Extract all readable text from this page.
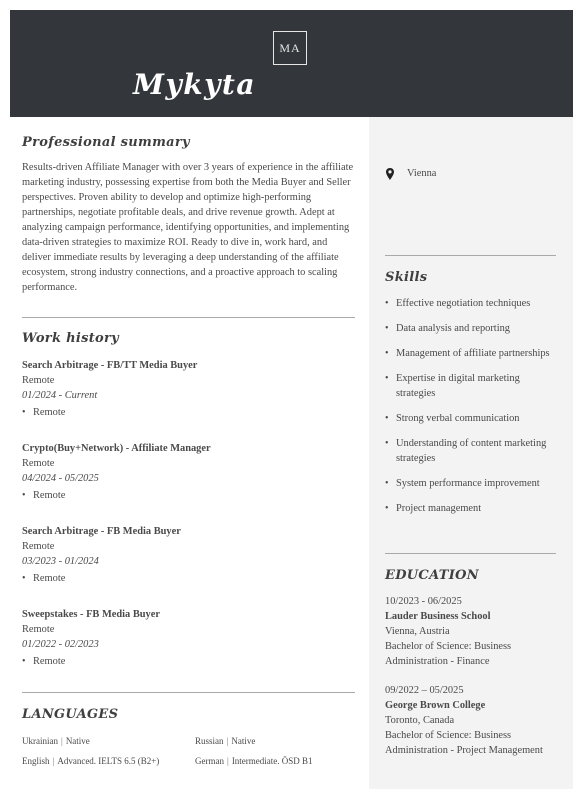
MA
Mykyta
Professional summary

Results-driven Affiliate Manager with over 3 years of experience in the affiliate marketing industry, possessing expertise from both the Media Buyer and Seller perspectives. Proven ability to develop and optimize high-performing partnerships, negotiate profitable deals, and drive revenue growth. Adept at analyzing campaign performance, identifying opportunities, and implementing data-driven strategies to maximize ROI. Ready to dive in, work hard, and deliver immediate results by leveraging a deep understanding of the affiliate ecosystem, strong industry connections, and a proactive approach to scaling performance.

Work history
Search Arbitrage - FB/TT Media Buyer
Remote
01/2024 - Current
• Remote
Crypto(Buy+Network) - Affiliate Manager
Remote
04/2024 - 05/2025
• Remote
Search Arbitrage - FB Media Buyer
Remote
03/2023 - 01/2024
• Remote
Sweepstakes - FB Media Buyer
Remote
01/2022 - 02/2023
• Remote
LANGUAGES
Ukrainian | Native	Russian | Native
English | Advanced. IELTS 6.5 (B2+)	German | Intermediate. ÖSD B1
Vienna
Skills
• Effective negotiation techniques
• Data analysis and reporting
• Management of affiliate partnerships
• Expertise in digital marketing strategies
• Strong verbal communication
• Understanding of content marketing strategies
• System performance improvement
• Project management
EDUCATION
10/2023 - 06/2025
Lauder Business School
Vienna, Austria
Bachelor of Science: Business Administration - Finance
09/2022 – 05/2025
George Brown College
Toronto, Canada
Bachelor of Science: Business Administration - Project Management
